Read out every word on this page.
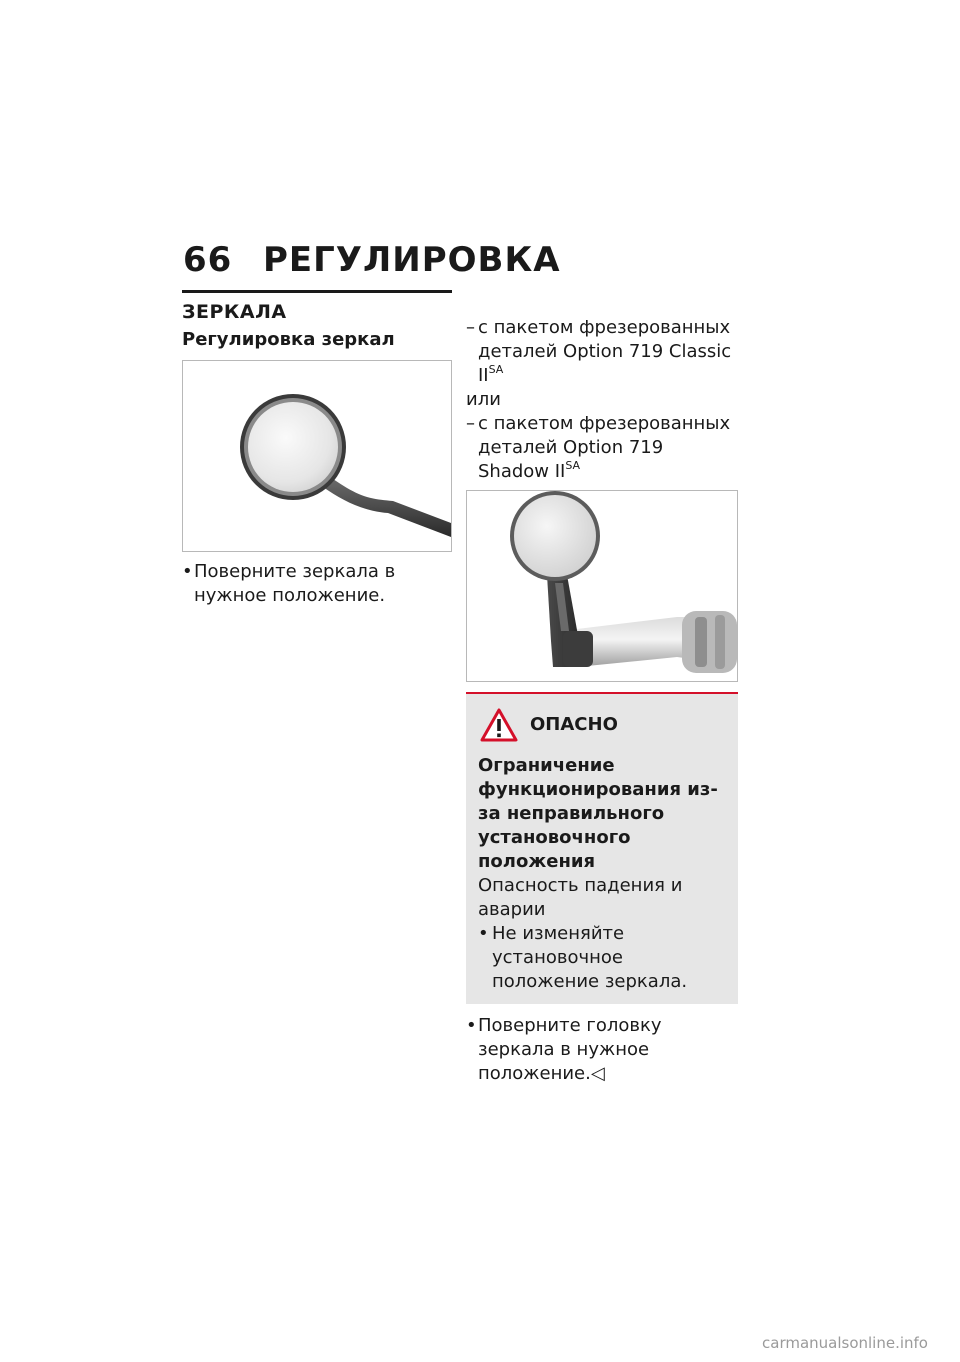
66 РЕГУЛИРОВКА
ЗЕРКАЛА
Регулировка зеркал
• Поверните зеркала в нужное положение.
– с пакетом фрезерованных деталей Option 719 Classic $II^{SA}$
или
– с пакетом фрезерованных деталей Option 719 Shadow $II^{SA}$
ОПАСНО
Ограничение функционирования из-за неправильного установочного положения
Опасность падения и аварии
• Не изменяйте установочное положение зеркала.
• Поверните головку зеркала в нужное положение.◁
carmanualsonline.info
